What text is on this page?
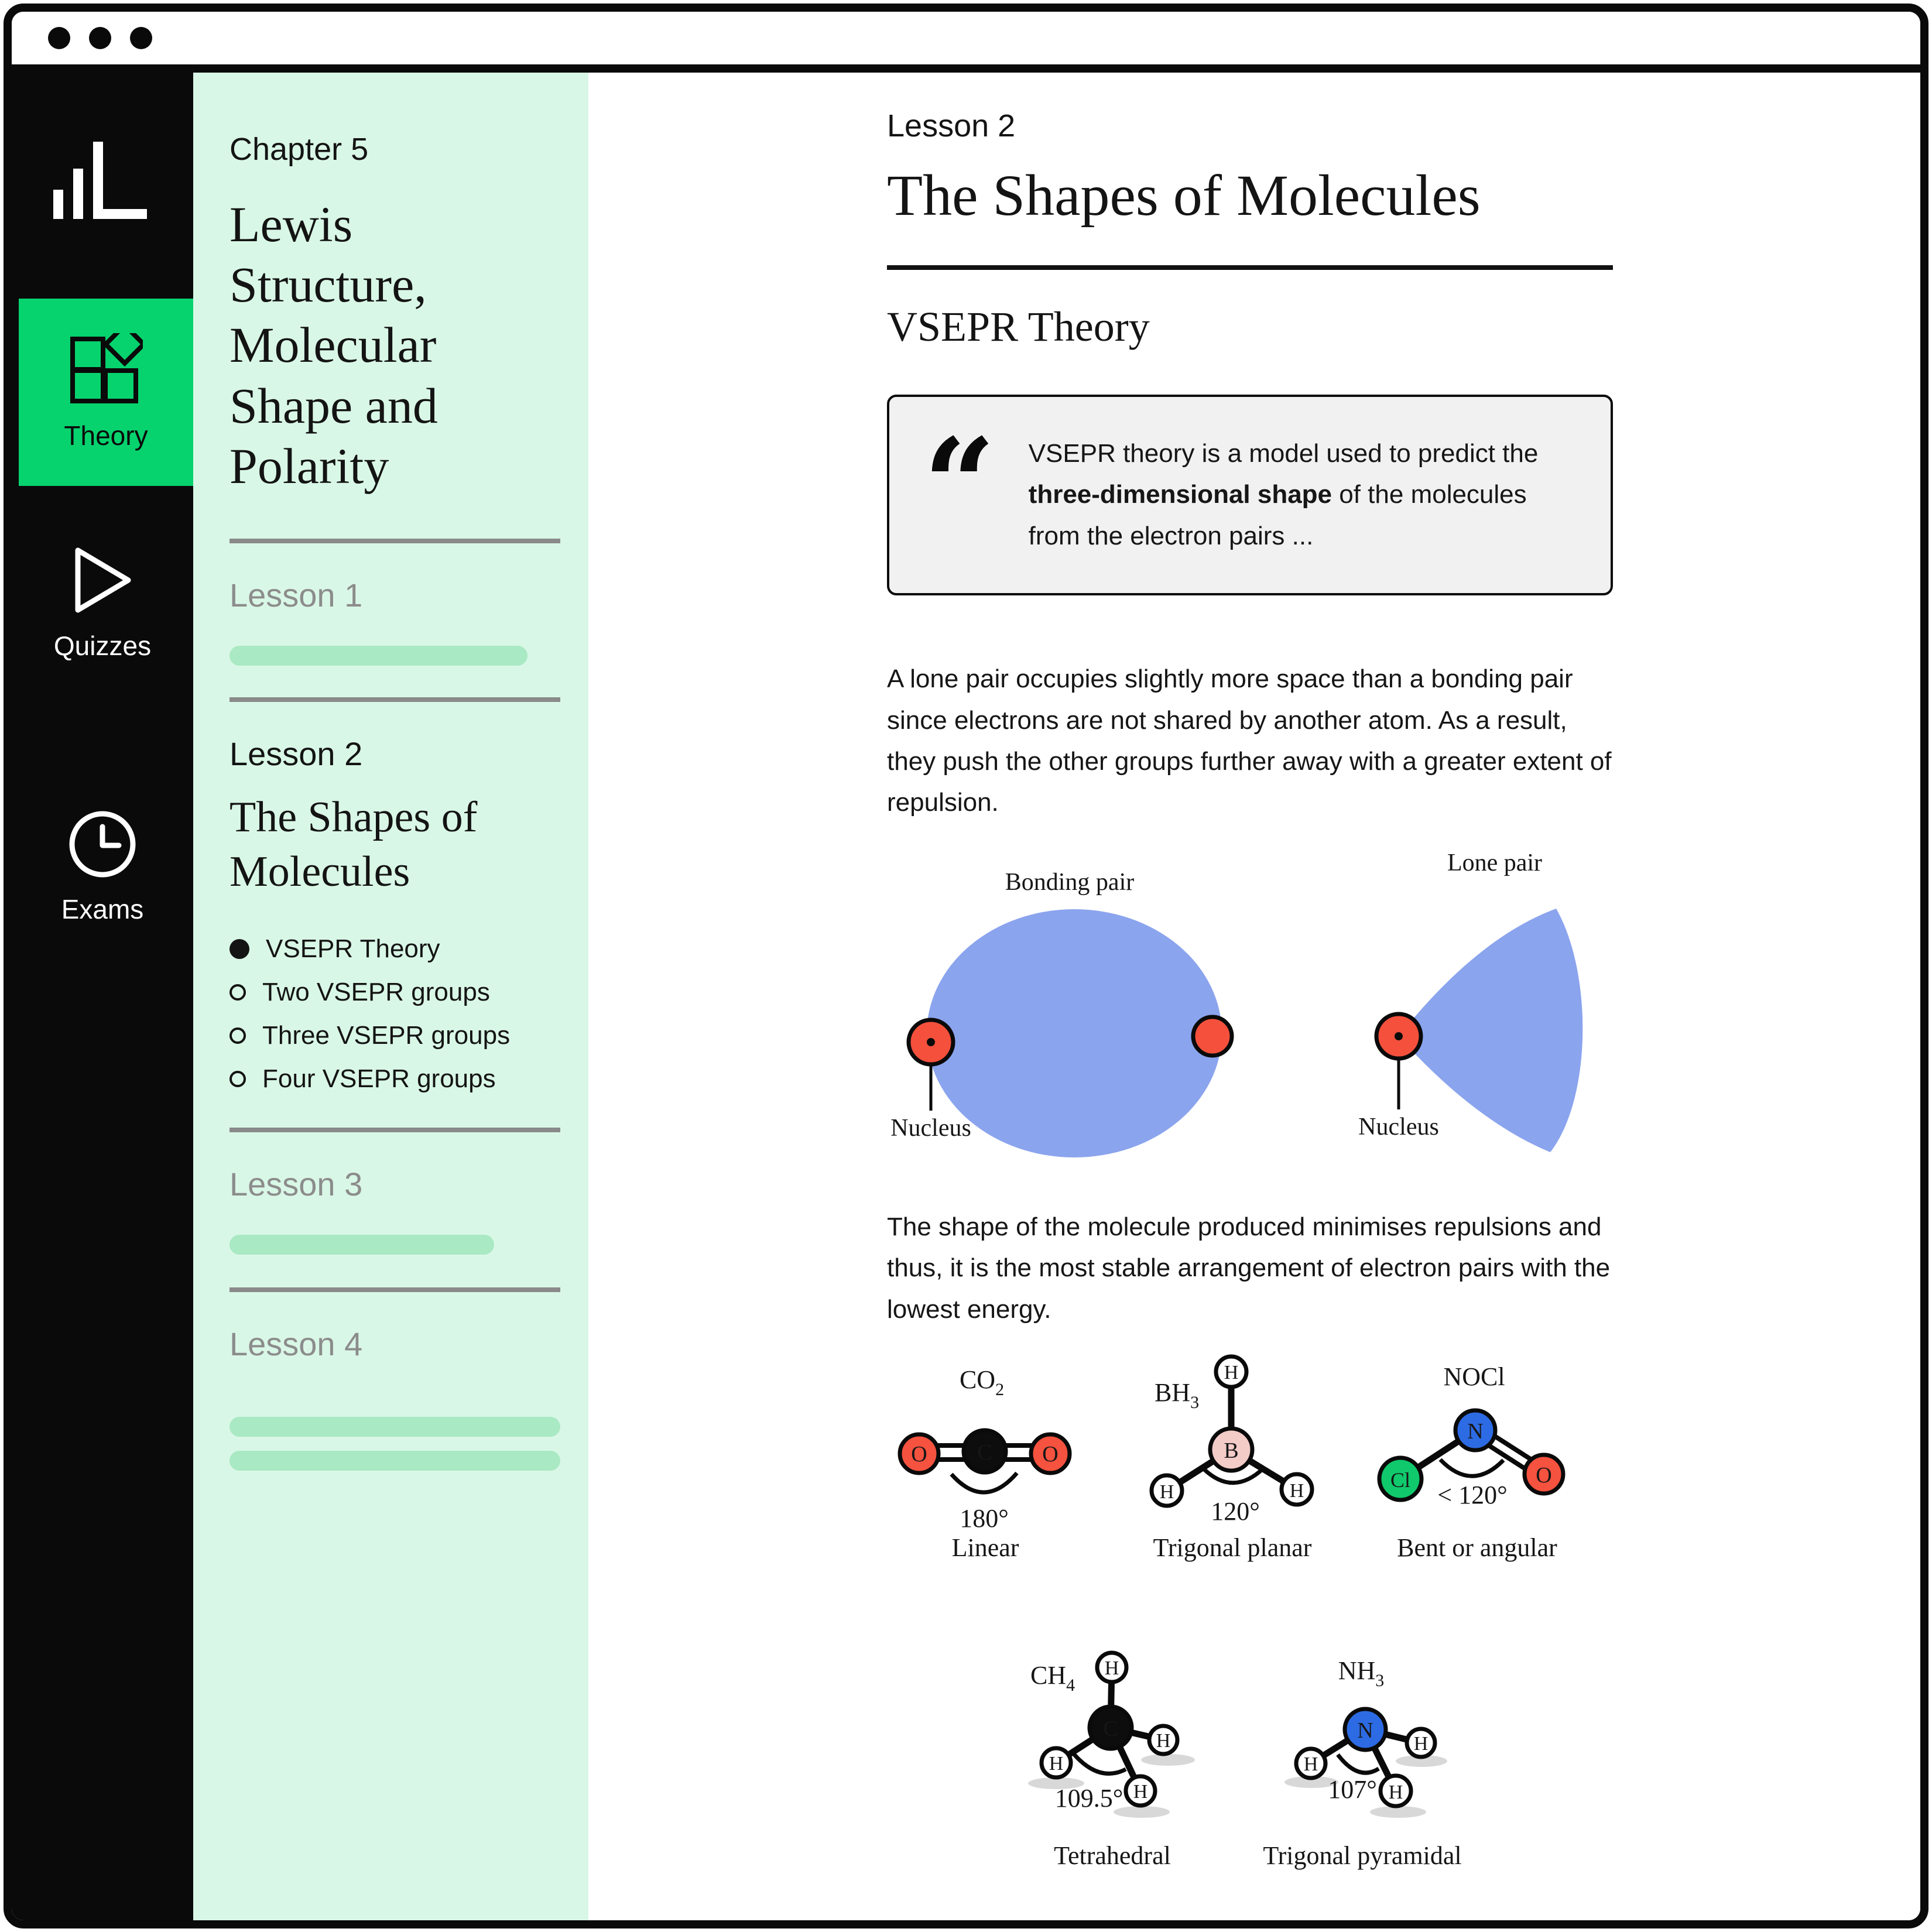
Theory
Quizzes
Exams
Chapter 5
Lewis Structure, Molecular Shape and Polarity
Lesson 1
Lesson 2
The Shapes of Molecules
VSEPR Theory
Two VSEPR groups
Three VSEPR groups
Four VSEPR groups
Lesson 3
Lesson 4
Lesson 2
The Shapes of Molecules
VSEPR Theory
“ VSEPR theory is a model used to predict the three-dimensional shape of the molecules from the electron pairs ...

A lone pair occupies slightly more space than a bonding pair since electrons are not shared by another atom. As a result, they push the other groups further away with a greater extent of repulsion.

Bonding pair
Lone pair
Nucleus	Nucleus

The shape of the molecule produced minimises repulsions and thus, it is the most stable arrangement of electron pairs with the lowest energy.

$CO_2$
O C O
180°
Linear
$BH_3$
H
B
H	H
120°
Trigonal planar
NOCl
N
Cl	O
< 120°
Bent or angular
$CH_4$
H
C H
H
H
109.5°
Tetrahedral
$NH_3$
N
H
H
H
107°
Trigonal pyramidal
